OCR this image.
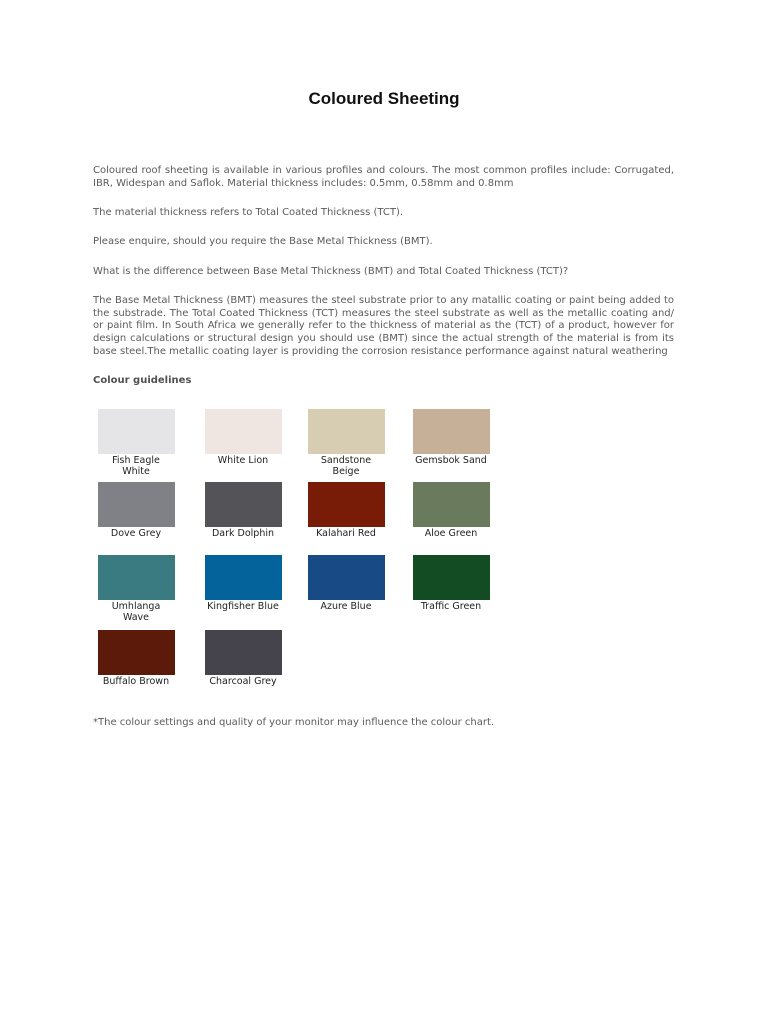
Coloured Sheeting

Coloured roof sheeting is available in various profiles and colours. The most common profiles include: Corrugated, IBR, Widespan and Saflok. Material thickness includes: 0.5mm, 0.58mm and 0.8mm

The material thickness refers to Total Coated Thickness (TCT).

Please enquire, should you require the Base Metal Thickness (BMT).

What is the difference between Base Metal Thickness (BMT) and Total Coated Thickness (TCT)?

The Base Metal Thickness (BMT) measures the steel substrate prior to any matallic coating or paint being added to the substrade. The Total Coated Thickness (TCT) measures the steel substrate as well as the metallic coating and/ or paint film. In South Africa we generally refer to the thickness of material as the (TCT) of a product, however for design calculations or structural design you should use (BMT) since the actual strength of the material is from its base steel.The metallic coating layer is providing the corrosion resistance performance against natural weathering

Colour guidelines

Fish Eagle
White
White Lion	Sandstone
Beige
Gemsbok Sand
Dove Grey	Dark Dolphin	Kalahari Red	Aloe Green
Umhlanga
Wave
Kingfisher Blue	Azure Blue	Traffic Green
Buffalo Brown	Charcoal Grey

*The colour settings and quality of your monitor may influence the colour chart.
